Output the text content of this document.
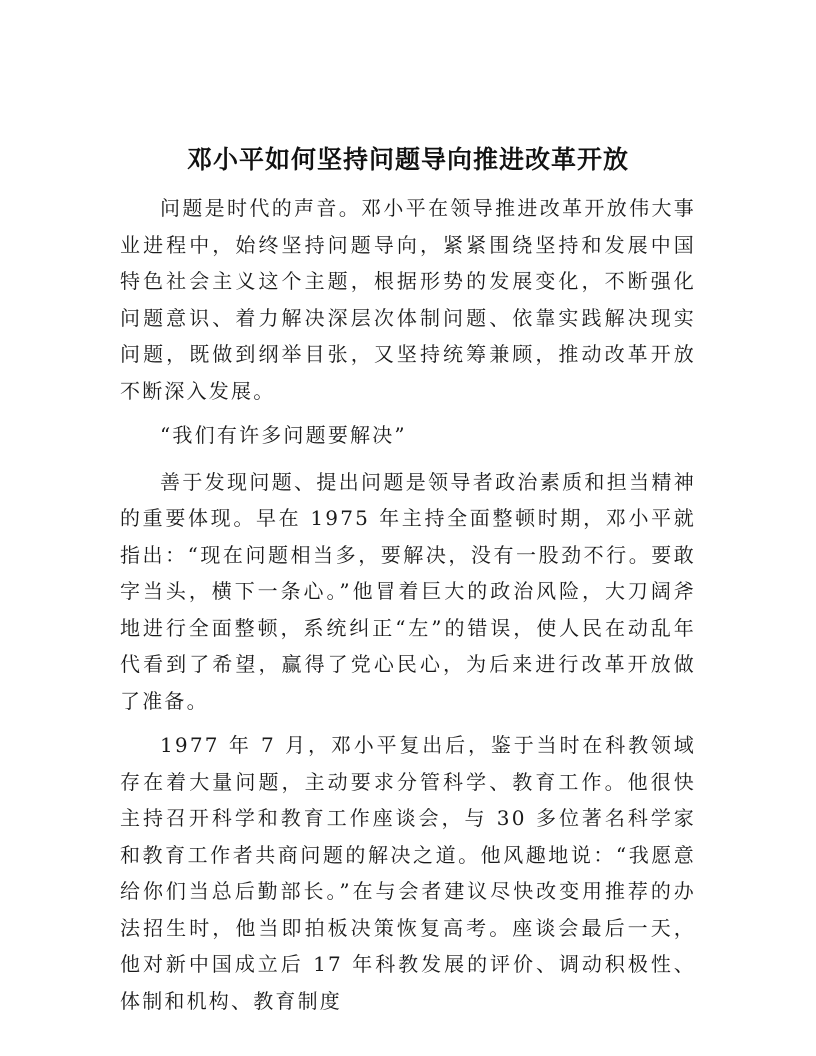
邓小平如何坚持问题导向推进改革开放

问题是时代的声音。邓小平在领导推进改革开放伟大事业进程中，始终坚持问题导向，紧紧围绕坚持和发展中国特色社会主义这个主题，根据形势的发展变化，不断强化问题意识、着力解决深层次体制问题、依靠实践解决现实问题，既做到纲举目张，又坚持统筹兼顾，推动改革开放不断深入发展。

“我们有许多问题要解决”

善于发现问题、提出问题是领导者政治素质和担当精神的重要体现。早在 1975 年主持全面整顿时期，邓小平就指出：“现在问题相当多，要解决，没有一股劲不行。要敢字当头，横下一条心。”他冒着巨大的政治风险，大刀阔斧地进行全面整顿，系统纠正“左”的错误，使人民在动乱年代看到了希望，赢得了党心民心，为后来进行改革开放做了准备。

1977 年 7 月，邓小平复出后，鉴于当时在科教领域存在着大量问题，主动要求分管科学、教育工作。他很快主持召开科学和教育工作座谈会，与 30 多位著名科学家和教育工作者共商问题的解决之道。他风趣地说：“我愿意给你们当总后勤部长。”在与会者建议尽快改变用推荐的办法招生时，他当即拍板决策恢复高考。座谈会最后一天，他对新中国成立后 17 年科教发展的评价、调动积极性、体制和机构、教育制度
